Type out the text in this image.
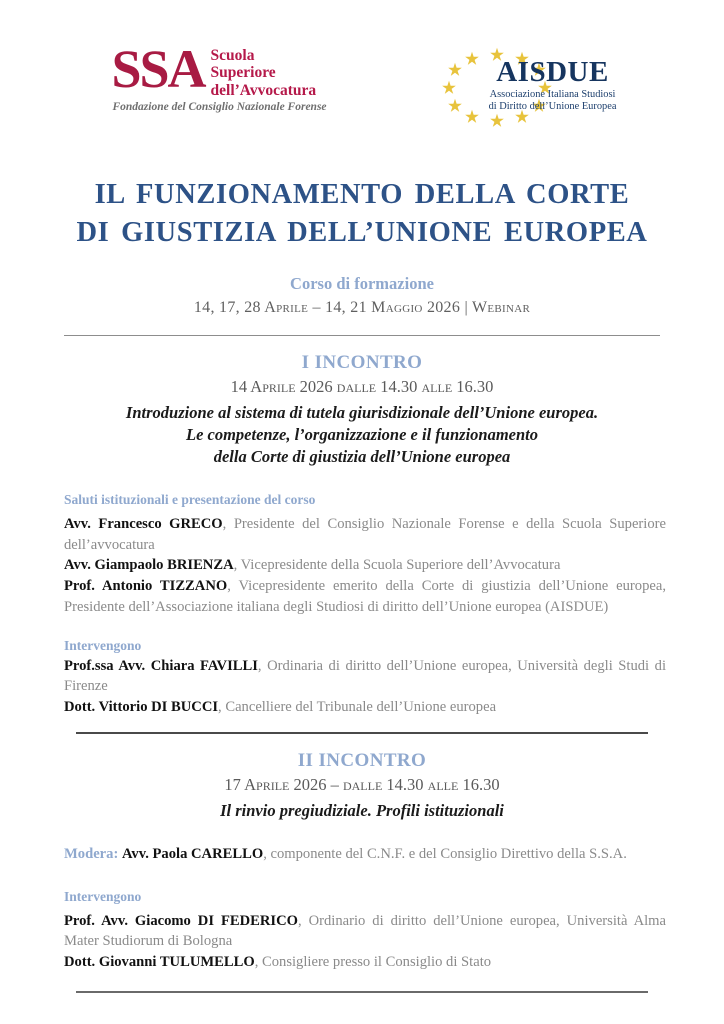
SSA Scuola
Superiore
dell’Avvocatura
Fondazione del Consiglio Nazionale Forense
AISDUE
Associazione Italiana Studiosi
di Diritto dell’Unione Europea
IL FUNZIONAMENTO DELLA CORTE
DI GIUSTIZIA DELL’UNIONE EUROPEA
Corso di formazione
14, 17, 28 Aprile – 14, 21 Maggio 2026 | Webinar
I INCONTRO
14 Aprile 2026 dalle 14.30 alle 16.30
Introduzione al sistema di tutela giurisdizionale dell’Unione europea.
Le competenze, l’organizzazione e il funzionamento
della Corte di giustizia dell’Unione europea
Saluti istituzionali e presentazione del corso

Avv. Francesco GRECO, Presidente del Consiglio Nazionale Forense e della Scuola Superiore dell’avvocatura

Avv. Giampaolo BRIENZA, Vicepresidente della Scuola Superiore dell’Avvocatura

Prof. Antonio TIZZANO, Vicepresidente emerito della Corte di giustizia dell’Unione europea, Presidente dell’Associazione italiana degli Studiosi di diritto dell’Unione europea (AISDUE)

Intervengono

Prof.ssa Avv. Chiara FAVILLI, Ordinaria di diritto dell’Unione europea, Università degli Studi di Firenze

Dott. Vittorio DI BUCCI, Cancelliere del Tribunale dell’Unione europea

II INCONTRO
17 Aprile 2026 – dalle 14.30 alle 16.30
Il rinvio pregiudiziale. Profili istituzionali
Modera: Avv. Paola CARELLO, componente del C.N.F. e del Consiglio Direttivo della S.S.A.
Intervengono

Prof. Avv. Giacomo DI FEDERICO, Ordinario di diritto dell’Unione europea, Università Alma Mater Studiorum di Bologna

Dott. Giovanni TULUMELLO, Consigliere presso il Consiglio di Stato
